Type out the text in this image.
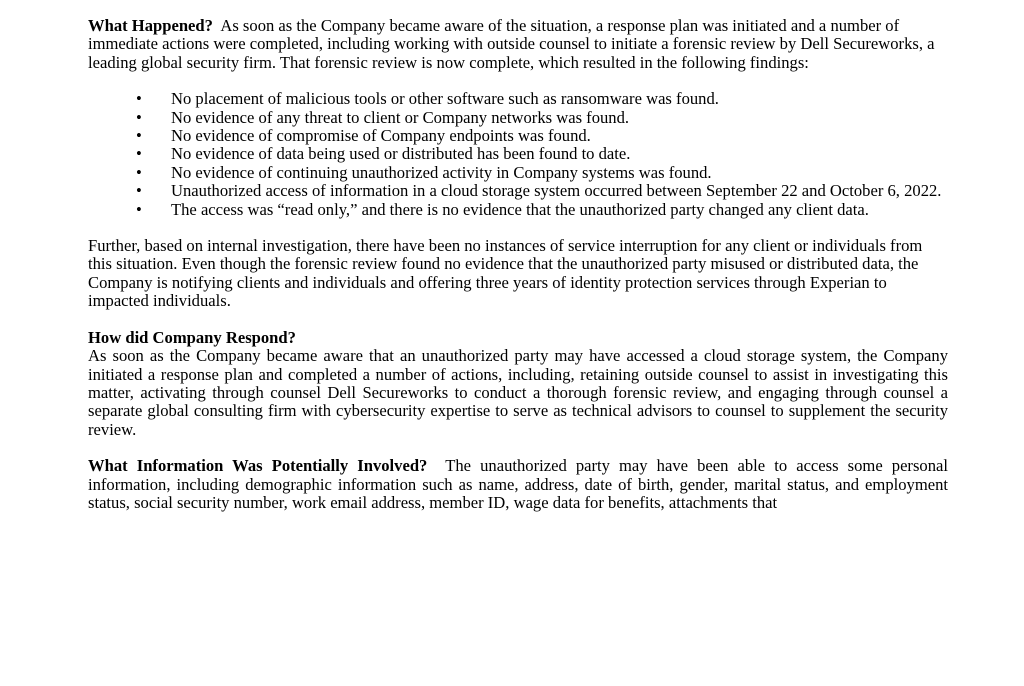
What Happened? As soon as the Company became aware of the situation, a response plan was initiated and a number of immediate actions were completed, including working with outside counsel to initiate a forensic review by Dell Secureworks, a leading global security firm. That forensic review is now complete, which resulted in the following findings:

• No placement of malicious tools or other software such as ransomware was found.
• No evidence of any threat to client or Company networks was found.
• No evidence of compromise of Company endpoints was found.
• No evidence of data being used or distributed has been found to date.
• No evidence of continuing unauthorized activity in Company systems was found.
• Unauthorized access of information in a cloud storage system occurred between September 22 and October 6, 2022.
• The access was “read only,” and there is no evidence that the unauthorized party changed any client data.

Further, based on internal investigation, there have been no instances of service interruption for any client or individuals from this situation. Even though the forensic review found no evidence that the unauthorized party misused or distributed data, the Company is notifying clients and individuals and offering three years of identity protection services through Experian to impacted individuals.

How did Company Respond?

As soon as the Company became aware that an unauthorized party may have accessed a cloud storage system, the Company initiated a response plan and completed a number of actions, including, retaining outside counsel to assist in investigating this matter, activating through counsel Dell Secureworks to conduct a thorough forensic review, and engaging through counsel a separate global consulting firm with cybersecurity expertise to serve as technical advisors to counsel to supplement the security review.

What Information Was Potentially Involved? The unauthorized party may have been able to access some personal information, including demographic information such as name, address, date of birth, gender, marital status, and employment status, social security number, work email address, member ID, wage data for benefits, attachments that
